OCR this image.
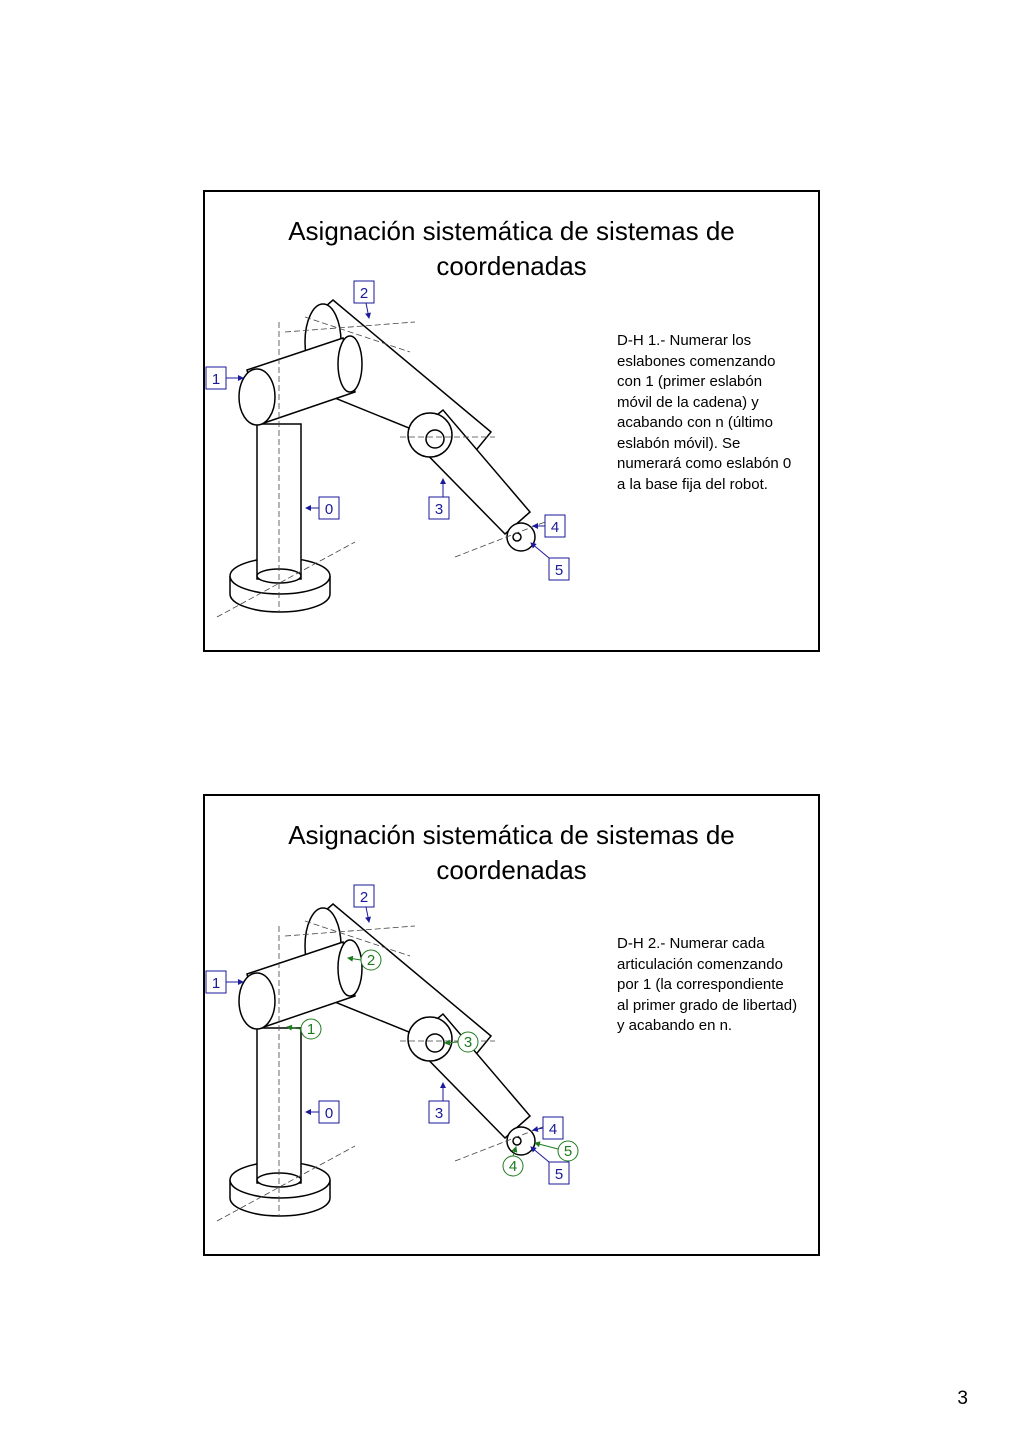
Asignación sistemática de sistemas de
coordenadas
D-H 1.- Numerar los eslabones comenzando con 1 (primer eslabón móvil de la cadena) y acabando con n (último eslabón móvil). Se numerará como eslabón 0 a la base fija del robot.
2
1
0	3
4
5
Asignación sistemática de sistemas de
coordenadas
D-H 2.- Numerar cada articulación comenzando por 1 (la correspondiente al primer grado de libertad) y acabando en n.
2
1
0	3
4
5
1
2
3
4
5
3
